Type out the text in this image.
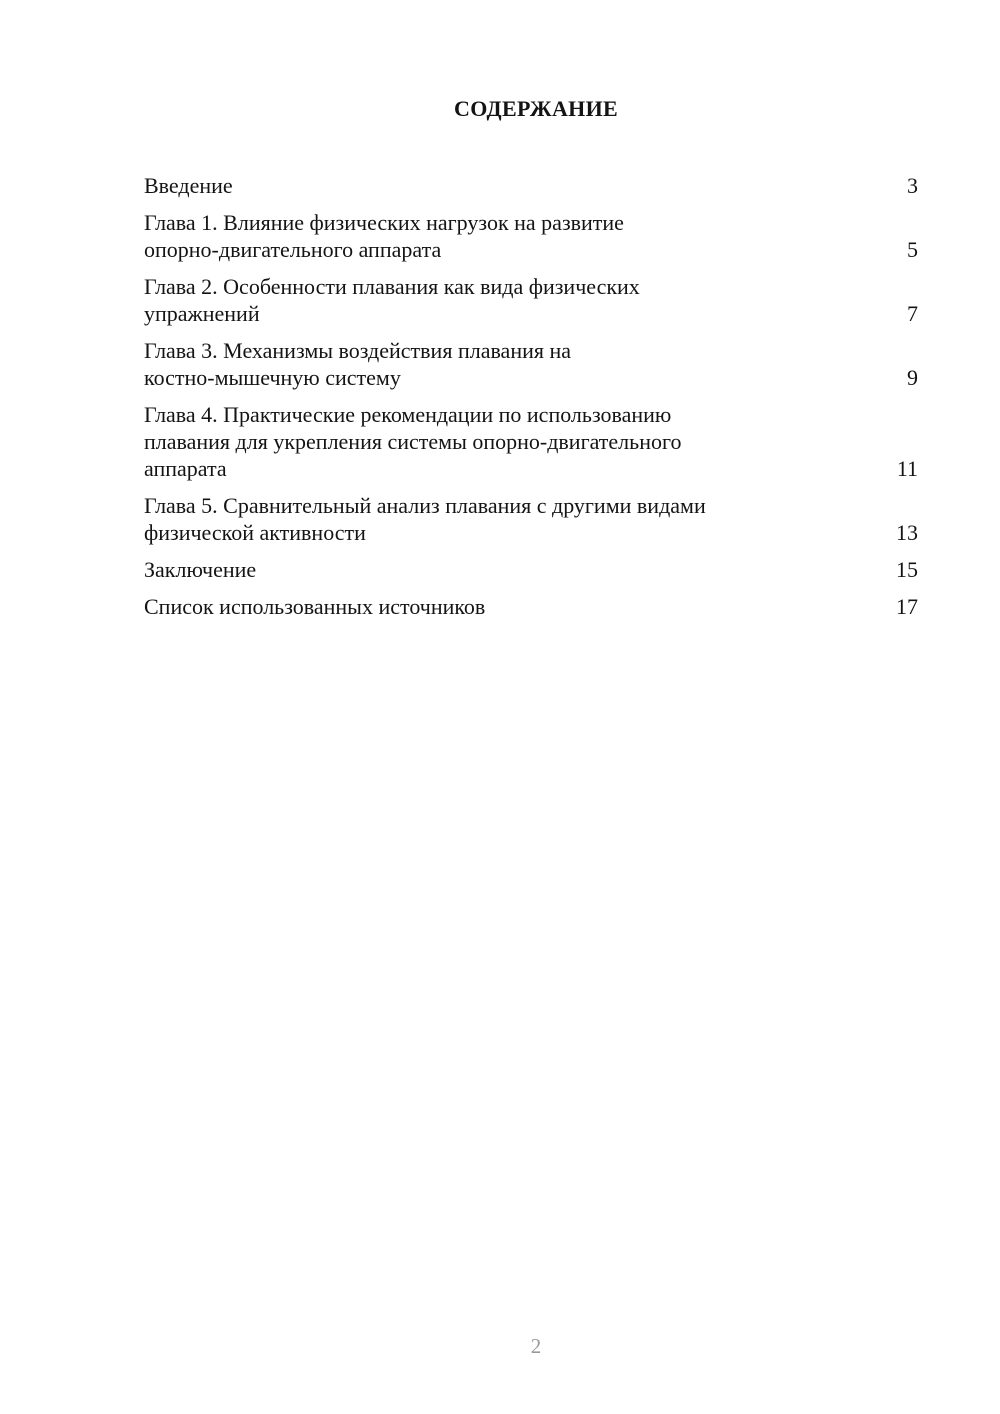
СОДЕРЖАНИЕ
Введение	3
Глава 1. Влияние физических нагрузок на развитие
опорно-двигательного аппарата	5
Глава 2. Особенности плавания как вида физических
упражнений	7
Глава 3. Механизмы воздействия плавания на
костно-мышечную систему	9
Глава 4. Практические рекомендации по использованию
плавания для укрепления системы опорно-двигательного
аппарата	11
Глава 5. Сравнительный анализ плавания с другими видами
физической активности	13
Заключение	15
Список использованных источников	17
2
